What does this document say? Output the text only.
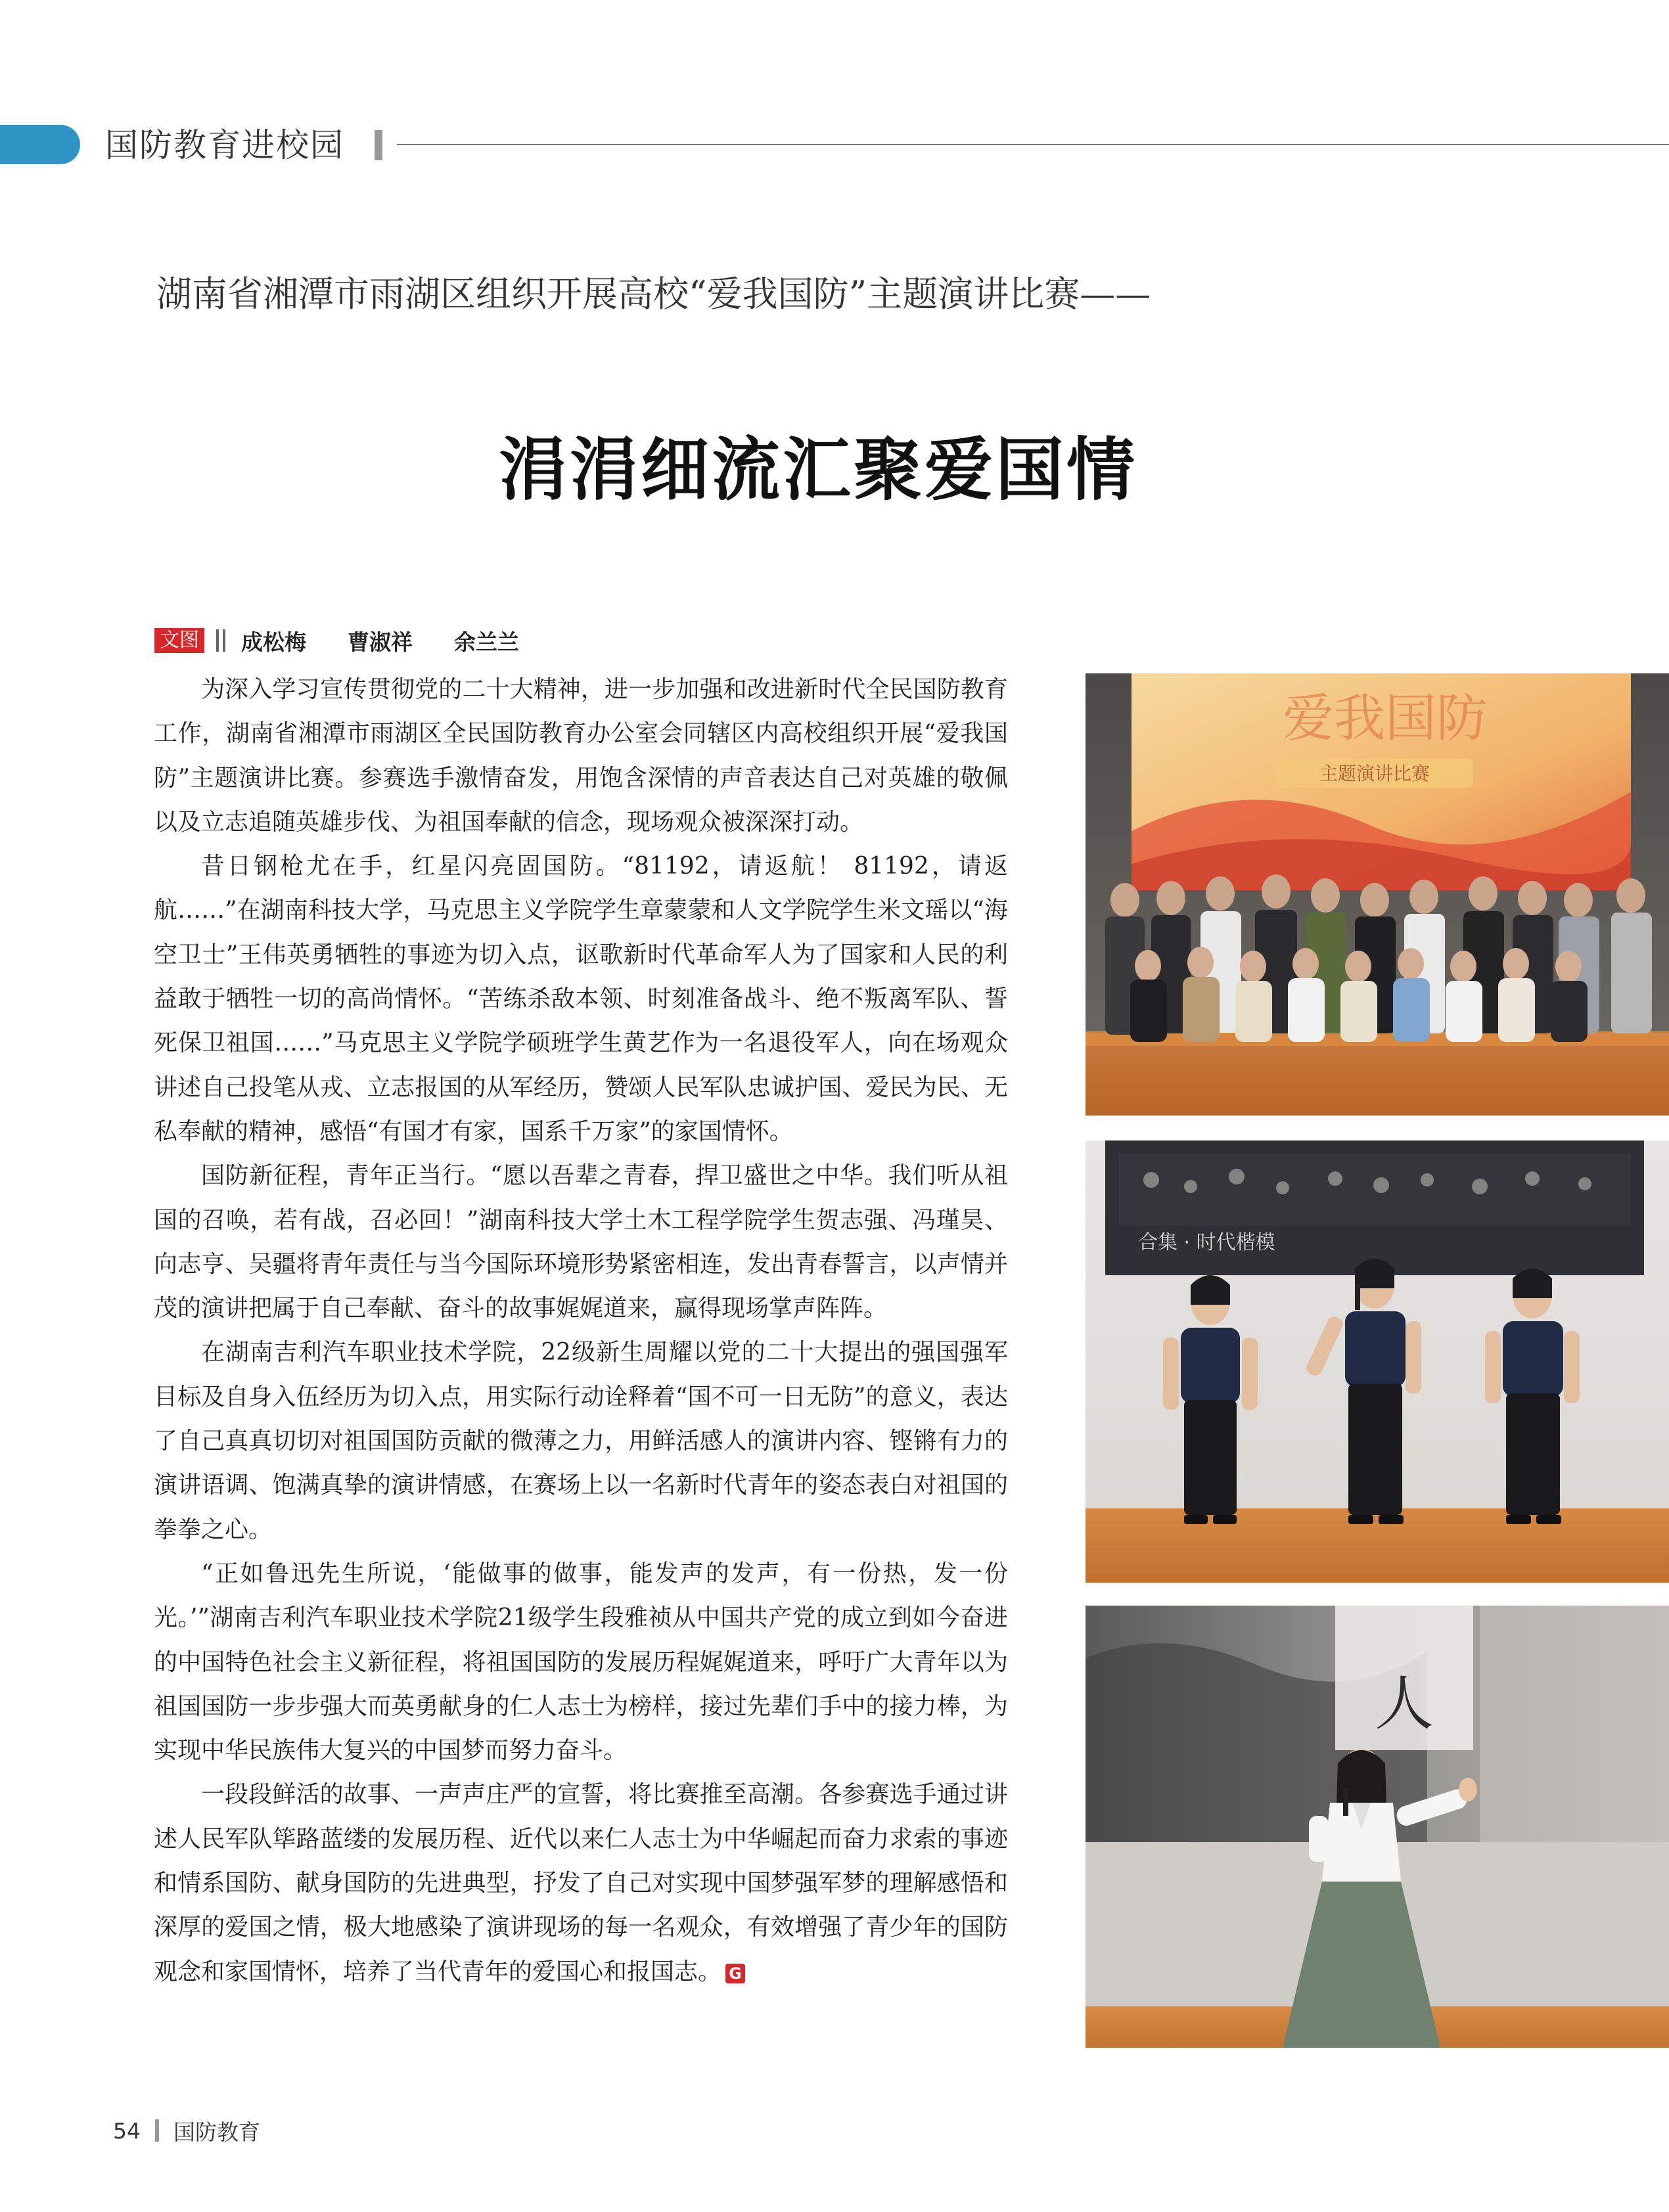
国防教育进校园
湖南省湘潭市雨湖区组织开展高校“爱我国防”主题演讲比赛——
涓涓细流汇聚爱国情
文图 成松梅  曹淑祥  余兰兰

为深入学习宣传贯彻党的二十大精神，进一步加强和改进新时代全民国防教育工作，湖南省湘潭市雨湖区全民国防教育办公室会同辖区内高校组织开展“爱我国防”主题演讲比赛。参赛选手激情奋发，用饱含深情的声音表达自己对英雄的敬佩以及立志追随英雄步伐、为祖国奉献的信念，现场观众被深深打动。

昔日钢枪尤在手，红星闪亮固国防。“81192，请返航！ 81192，请返航……”在湖南科技大学，马克思主义学院学生章蒙蒙和人文学院学生米文瑶以“海空卫士”王伟英勇牺牲的事迹为切入点，讴歌新时代革命军人为了国家和人民的利益敢于牺牲一切的高尚情怀。“苦练杀敌本领、时刻准备战斗、绝不叛离军队、誓死保卫祖国……”马克思主义学院学硕班学生黄艺作为一名退役军人，向在场观众讲述自己投笔从戎、立志报国的从军经历，赞颂人民军队忠诚护国、爱民为民、无私奉献的精神，感悟“有国才有家，国系千万家”的家国情怀。

国防新征程，青年正当行。“愿以吾辈之青春，捍卫盛世之中华。我们听从祖国的召唤，若有战，召必回！”湖南科技大学土木工程学院学生贺志强、冯瑾昊、向志亨、吴疆将青年责任与当今国际环境形势紧密相连，发出青春誓言，以声情并茂的演讲把属于自己奉献、奋斗的故事娓娓道来，赢得现场掌声阵阵。

在湖南吉利汽车职业技术学院，22级新生周耀以党的二十大提出的强国强军目标及自身入伍经历为切入点，用实际行动诠释着“国不可一日无防”的意义，表达了自己真真切切对祖国国防贡献的微薄之力，用鲜活感人的演讲内容、铿锵有力的演讲语调、饱满真挚的演讲情感，在赛场上以一名新时代青年的姿态表白对祖国的拳拳之心。

“正如鲁迅先生所说，‘能做事的做事，能发声的发声，有一份热，发一份光。’”湖南吉利汽车职业技术学院21级学生段雅祯从中国共产党的成立到如今奋进的中国特色社会主义新征程，将祖国国防的发展历程娓娓道来，呼吁广大青年以为祖国国防一步步强大而英勇献身的仁人志士为榜样，接过先辈们手中的接力棒，为实现中华民族伟大复兴的中国梦而努力奋斗。

一段段鲜活的故事、一声声庄严的宣誓，将比赛推至高潮。各参赛选手通过讲述人民军队筚路蓝缕的发展历程、近代以来仁人志士为中华崛起而奋力求索的事迹和情系国防、献身国防的先进典型，抒发了自己对实现中国梦强军梦的理解感悟和深厚的爱国之情，极大地感染了演讲现场的每一名观众，有效增强了青少年的国防观念和家国情怀，培养了当代青年的爱国心和报国志。 G

爱我国防
主题演讲比赛
合集 · 时代楷模
人
54 国防教育
